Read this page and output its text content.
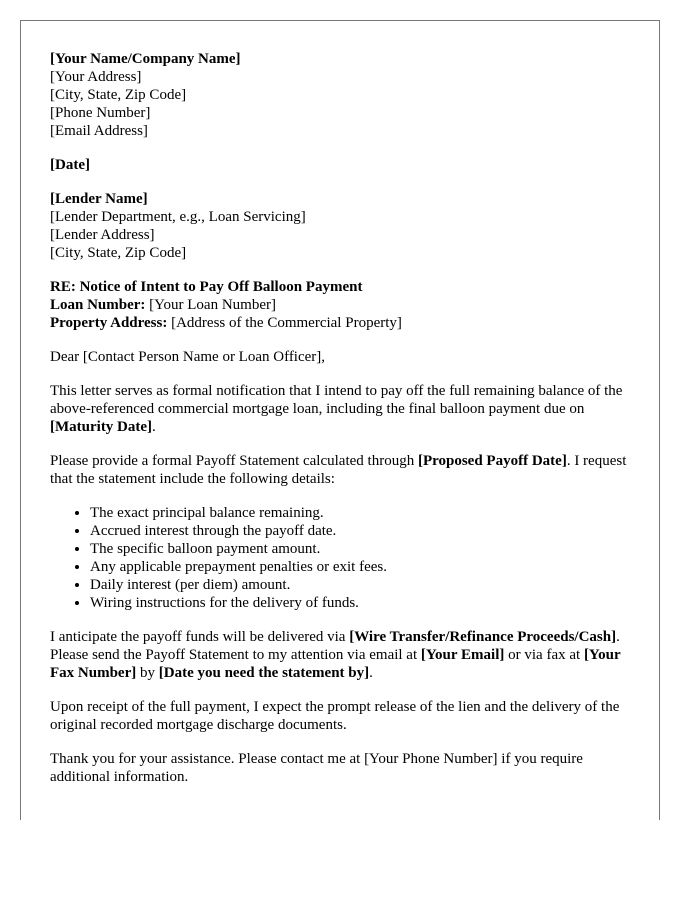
[Your Name/Company Name]
[Your Address]
[City, State, Zip Code]
[Phone Number]
[Email Address]
[Date]
[Lender Name]
[Lender Department, e.g., Loan Servicing]
[Lender Address]
[City, State, Zip Code]
RE: Notice of Intent to Pay Off Balloon Payment
Loan Number: [Your Loan Number]
Property Address: [Address of the Commercial Property]

Dear [Contact Person Name or Loan Officer],

This letter serves as formal notification that I intend to pay off the full remaining balance of the above-referenced commercial mortgage loan, including the final balloon payment due on [Maturity Date].

Please provide a formal Payoff Statement calculated through [Proposed Payoff Date]. I request that the statement include the following details:

• The exact principal balance remaining.
• Accrued interest through the payoff date.
• The specific balloon payment amount.
• Any applicable prepayment penalties or exit fees.
• Daily interest (per diem) amount.
• Wiring instructions for the delivery of funds.

I anticipate the payoff funds will be delivered via [Wire Transfer/Refinance Proceeds/Cash]. Please send the Payoff Statement to my attention via email at [Your Email] or via fax at [Your Fax Number] by [Date you need the statement by].

Upon receipt of the full payment, I expect the prompt release of the lien and the delivery of the original recorded mortgage discharge documents.

Thank you for your assistance. Please contact me at [Your Phone Number] if you require additional information.
